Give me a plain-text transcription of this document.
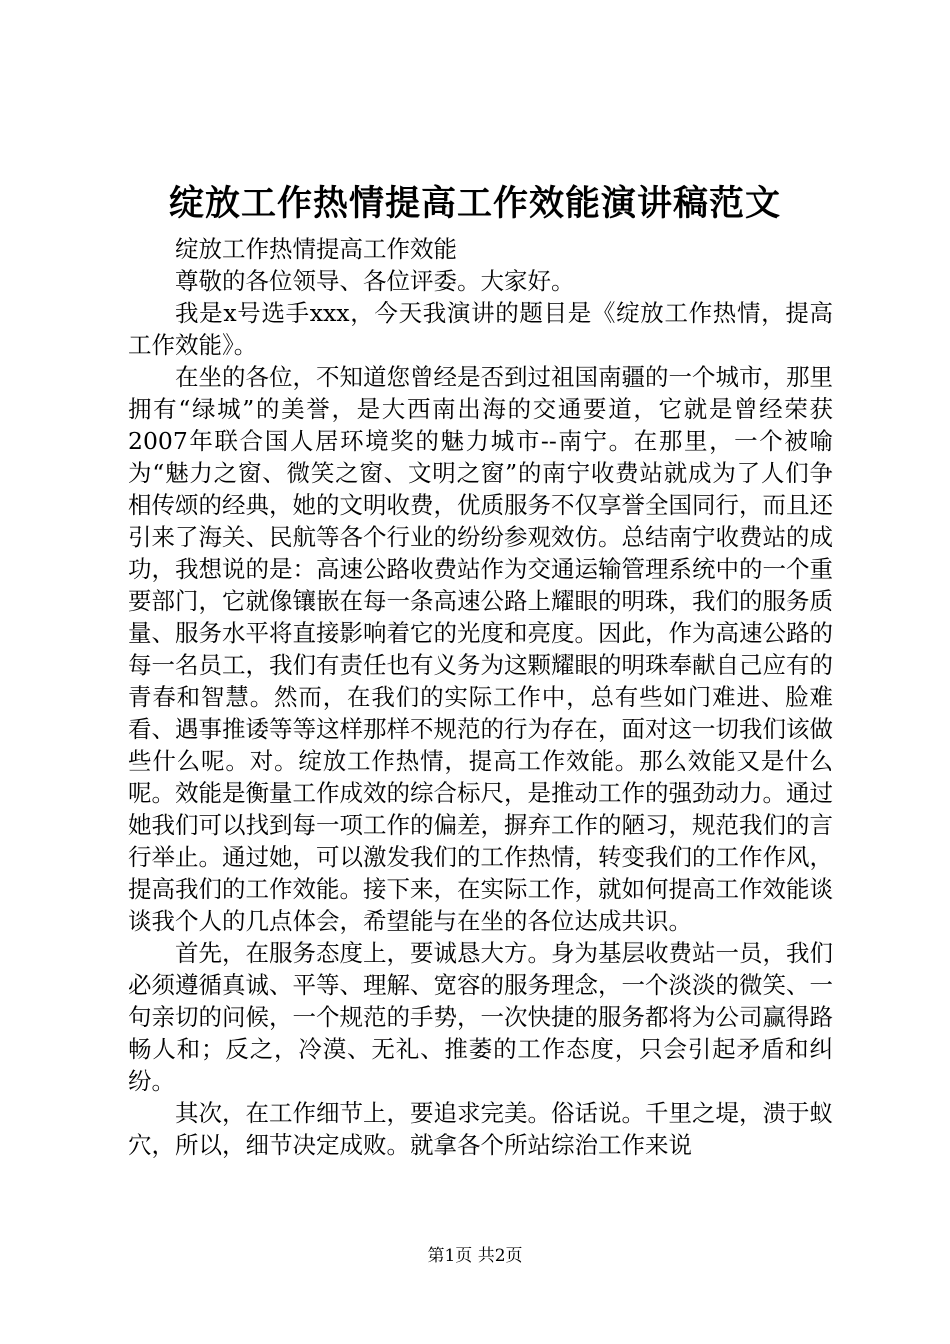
绽放工作热情提高工作效能演讲稿范文

绽放工作热情提高工作效能

尊敬的各位领导、各位评委。大家好。

我是x号选手xxx，今天我演讲的题目是《绽放工作热情，提高工作效能》。

在坐的各位，不知道您曾经是否到过祖国南疆的一个城市，那里拥有“绿城”的美誉，是大西南出海的交通要道，它就是曾经荣获2007年联合国人居环境奖的魅力城市--南宁。在那里，一个被喻为“魅力之窗、微笑之窗、文明之窗”的南宁收费站就成为了人们争相传颂的经典，她的文明收费，优质服务不仅享誉全国同行，而且还引来了海关、民航等各个行业的纷纷参观效仿。总结南宁收费站的成功，我想说的是：高速公路收费站作为交通运输管理系统中的一个重要部门，它就像镶嵌在每一条高速公路上耀眼的明珠，我们的服务质量、服务水平将直接影响着它的光度和亮度。因此，作为高速公路的每一名员工，我们有责任也有义务为这颗耀眼的明珠奉献自己应有的青春和智慧。然而，在我们的实际工作中，总有些如门难进、脸难看、遇事推诿等等这样那样不规范的行为存在，面对这一切我们该做些什么呢。对。绽放工作热情，提高工作效能。那么效能又是什么呢。效能是衡量工作成效的综合标尺，是推动工作的强劲动力。通过她我们可以找到每一项工作的偏差，摒弃工作的陋习，规范我们的言行举止。通过她，可以激发我们的工作热情，转变我们的工作作风，提高我们的工作效能。接下来，在实际工作，就如何提高工作效能谈谈我个人的几点体会，希望能与在坐的各位达成共识。

首先，在服务态度上，要诚恳大方。身为基层收费站一员，我们必须遵循真诚、平等、理解、宽容的服务理念，一个淡淡的微笑、一句亲切的问候，一个规范的手势，一次快捷的服务都将为公司赢得路畅人和；反之，冷漠、无礼、推萎的工作态度，只会引起矛盾和纠纷。

其次，在工作细节上，要追求完美。俗话说。千里之堤，溃于蚁穴，所以，细节决定成败。就拿各个所站综治工作来说

第1页 共2页
